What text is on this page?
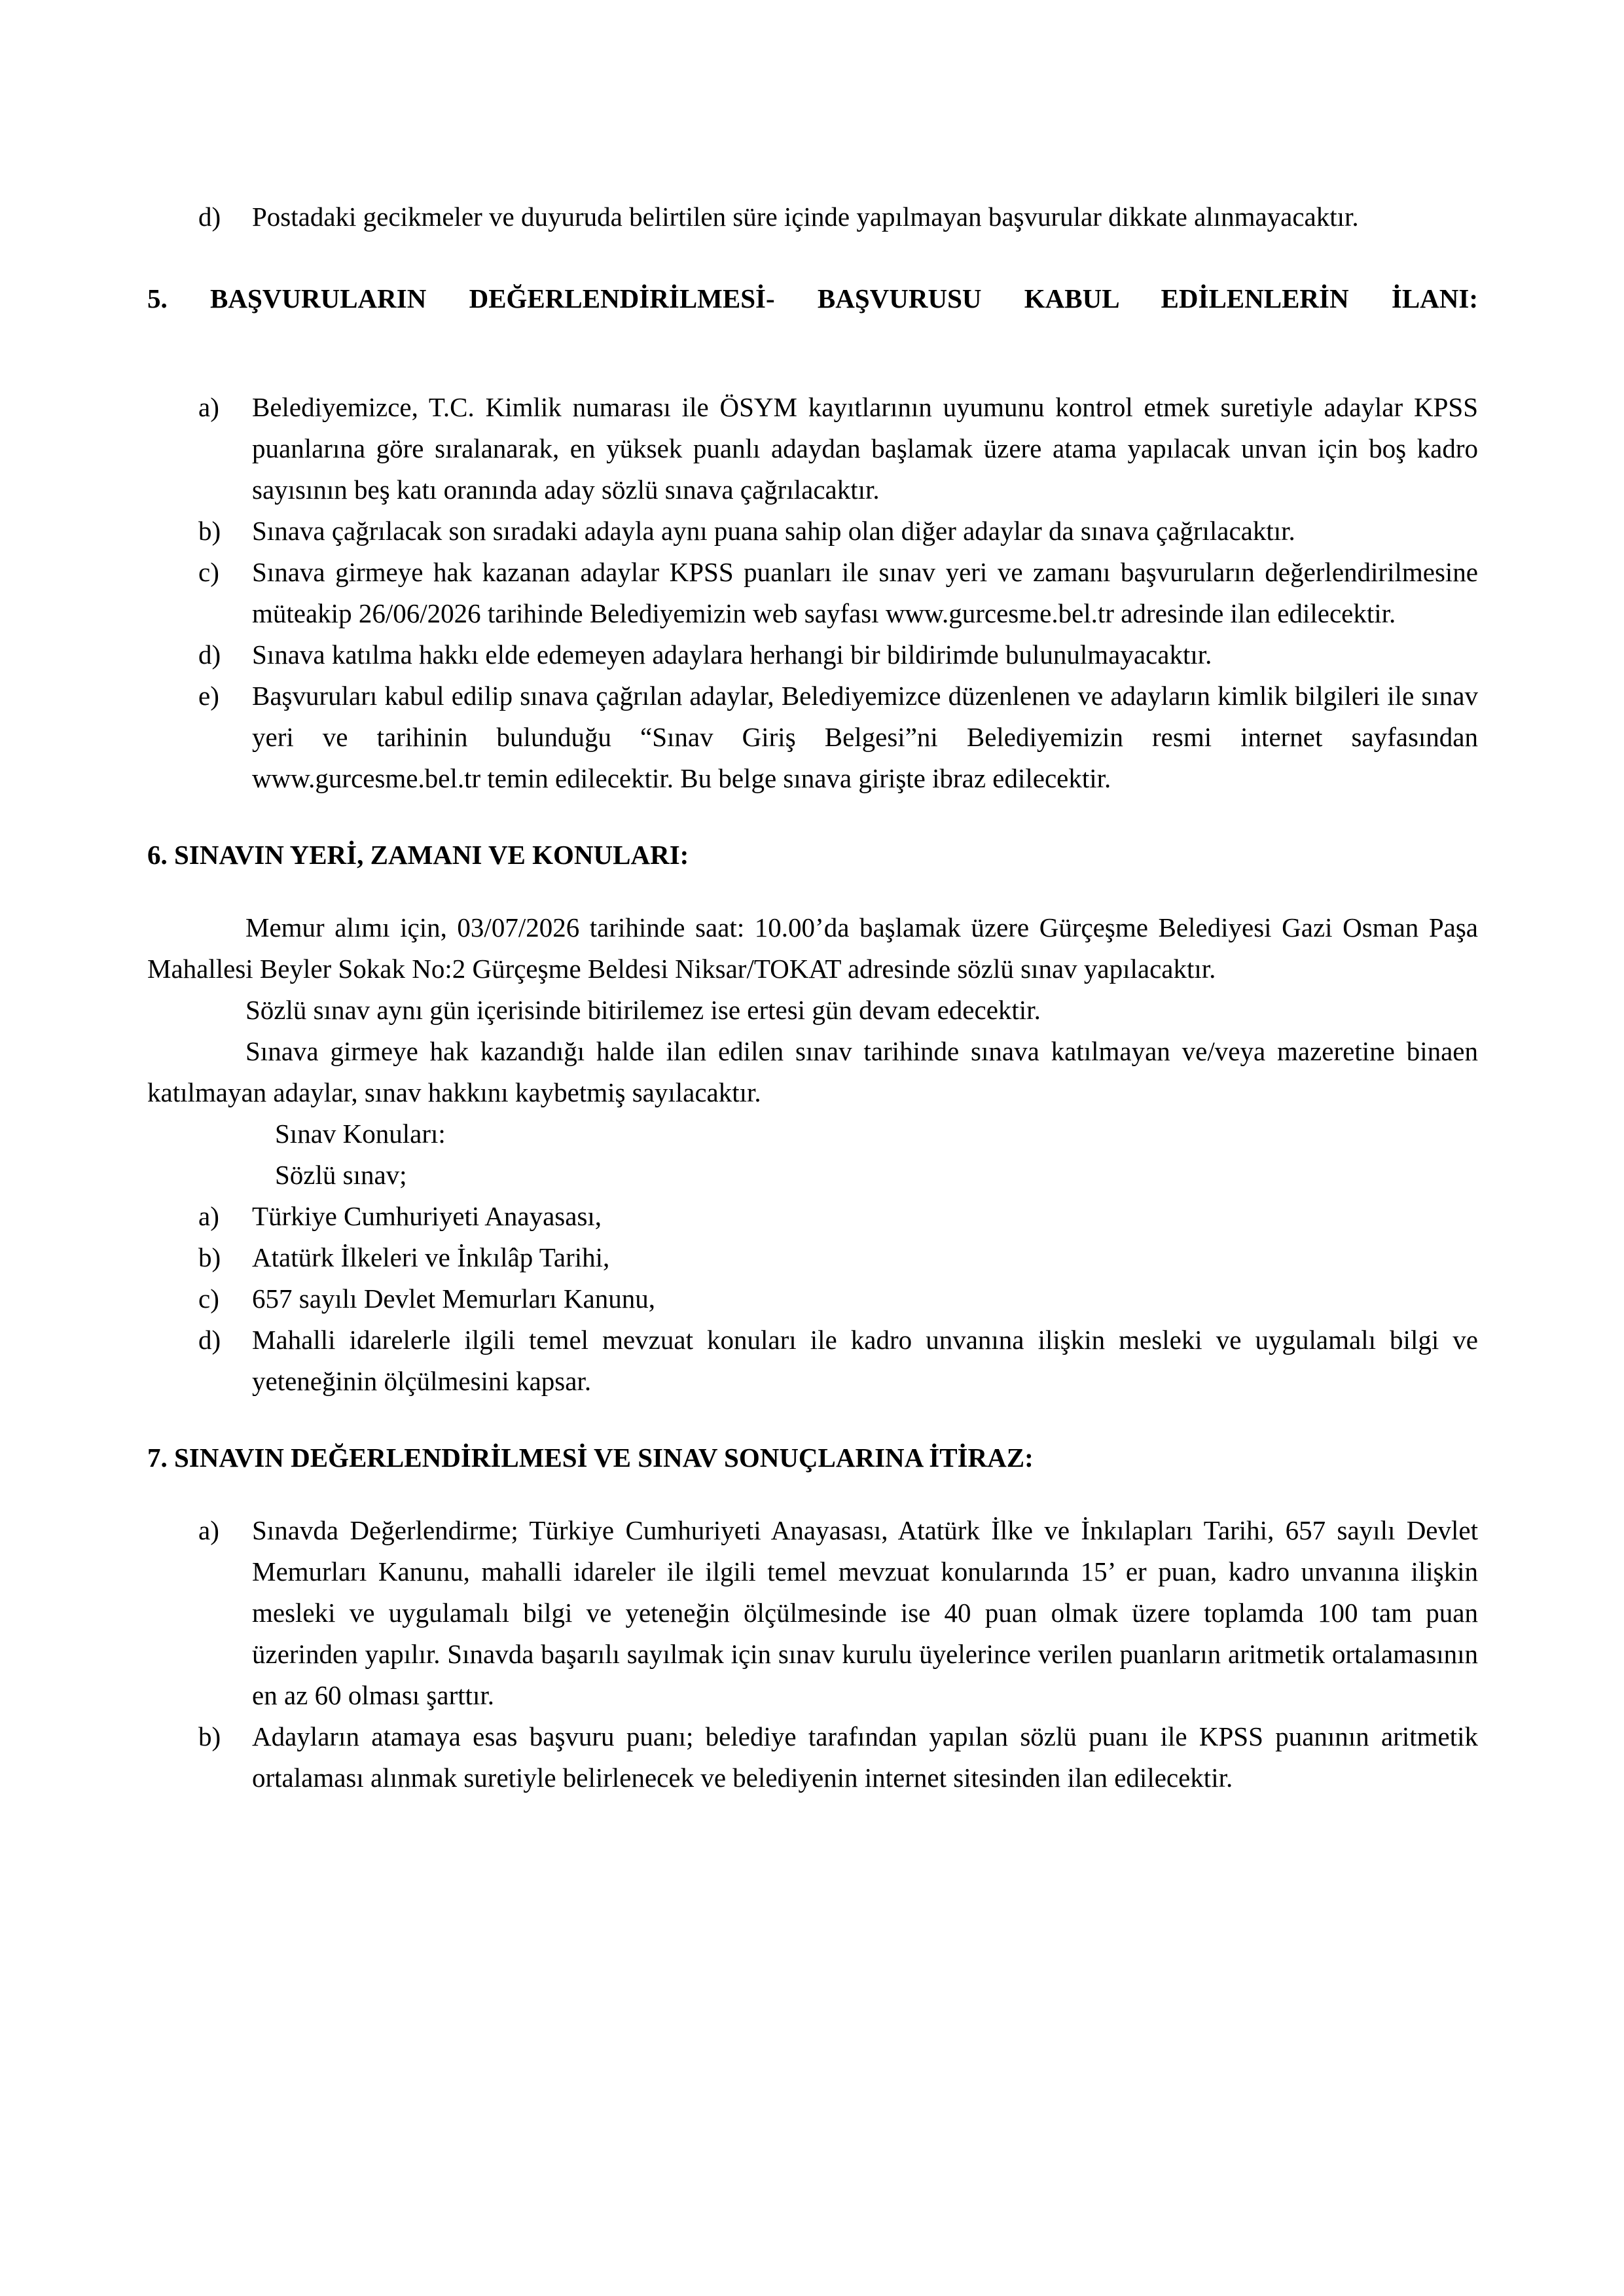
d)	Postadaki gecikmeler ve duyuruda belirtilen süre içinde yapılmayan başvurular dikkate alınmayacaktır.
5. BAŞVURULARIN DEĞERLENDİRİLMESİ- BAŞVURUSU KABUL EDİLENLERİN İLANI:
a)	Belediyemizce, T.C. Kimlik numarası ile ÖSYM kayıtlarının uyumunu kontrol etmek suretiyle adaylar KPSS puanlarına göre sıralanarak, en yüksek puanlı adaydan başlamak üzere atama yapılacak unvan için boş kadro sayısının beş katı oranında aday sözlü sınava çağrılacaktır.
b)	Sınava çağrılacak son sıradaki adayla aynı puana sahip olan diğer adaylar da sınava çağrılacaktır.
c)	Sınava girmeye hak kazanan adaylar KPSS puanları ile sınav yeri ve zamanı başvuruların değerlendirilmesine müteakip 26/06/2026 tarihinde Belediyemizin web sayfası www.gurcesme.bel.tr adresinde ilan edilecektir.
d)	Sınava katılma hakkı elde edemeyen adaylara herhangi bir bildirimde bulunulmayacaktır.
e)	Başvuruları kabul edilip sınava çağrılan adaylar, Belediyemizce düzenlenen ve adayların kimlik bilgileri ile sınav yeri ve tarihinin bulunduğu “Sınav Giriş Belgesi”ni Belediyemizin resmi internet sayfasından www.gurcesme.bel.tr temin edilecektir. Bu belge sınava girişte ibraz edilecektir.
6. SINAVIN YERİ, ZAMANI VE KONULARI:

Memur alımı için, 03/07/2026 tarihinde saat: 10.00’da başlamak üzere Gürçeşme Belediyesi Gazi Osman Paşa Mahallesi Beyler Sokak No:2 Gürçeşme Beldesi Niksar/TOKAT adresinde sözlü sınav yapılacaktır.

Sözlü sınav aynı gün içerisinde bitirilemez ise ertesi gün devam edecektir.

Sınava girmeye hak kazandığı halde ilan edilen sınav tarihinde sınava katılmayan ve/veya mazeretine binaen katılmayan adaylar, sınav hakkını kaybetmiş sayılacaktır.

Sınav Konuları:

Sözlü sınav;

a)	Türkiye Cumhuriyeti Anayasası,
b)	Atatürk İlkeleri ve İnkılâp Tarihi,
c)	657 sayılı Devlet Memurları Kanunu,
d)	Mahalli idarelerle ilgili temel mevzuat konuları ile kadro unvanına ilişkin mesleki ve uygulamalı bilgi ve yeteneğinin ölçülmesini kapsar.
7. SINAVIN DEĞERLENDİRİLMESİ VE SINAV SONUÇLARINA İTİRAZ:
a)	Sınavda Değerlendirme; Türkiye Cumhuriyeti Anayasası, Atatürk İlke ve İnkılapları Tarihi, 657 sayılı Devlet Memurları Kanunu, mahalli idareler ile ilgili temel mevzuat konularında 15’ er puan, kadro unvanına ilişkin mesleki ve uygulamalı bilgi ve yeteneğin ölçülmesinde ise 40 puan olmak üzere toplamda 100 tam puan üzerinden yapılır. Sınavda başarılı sayılmak için sınav kurulu üyelerince verilen puanların aritmetik ortalamasının en az 60 olması şarttır.
b)	Adayların atamaya esas başvuru puanı; belediye tarafından yapılan sözlü puanı ile KPSS puanının aritmetik ortalaması alınmak suretiyle belirlenecek ve belediyenin internet sitesinden ilan edilecektir.
